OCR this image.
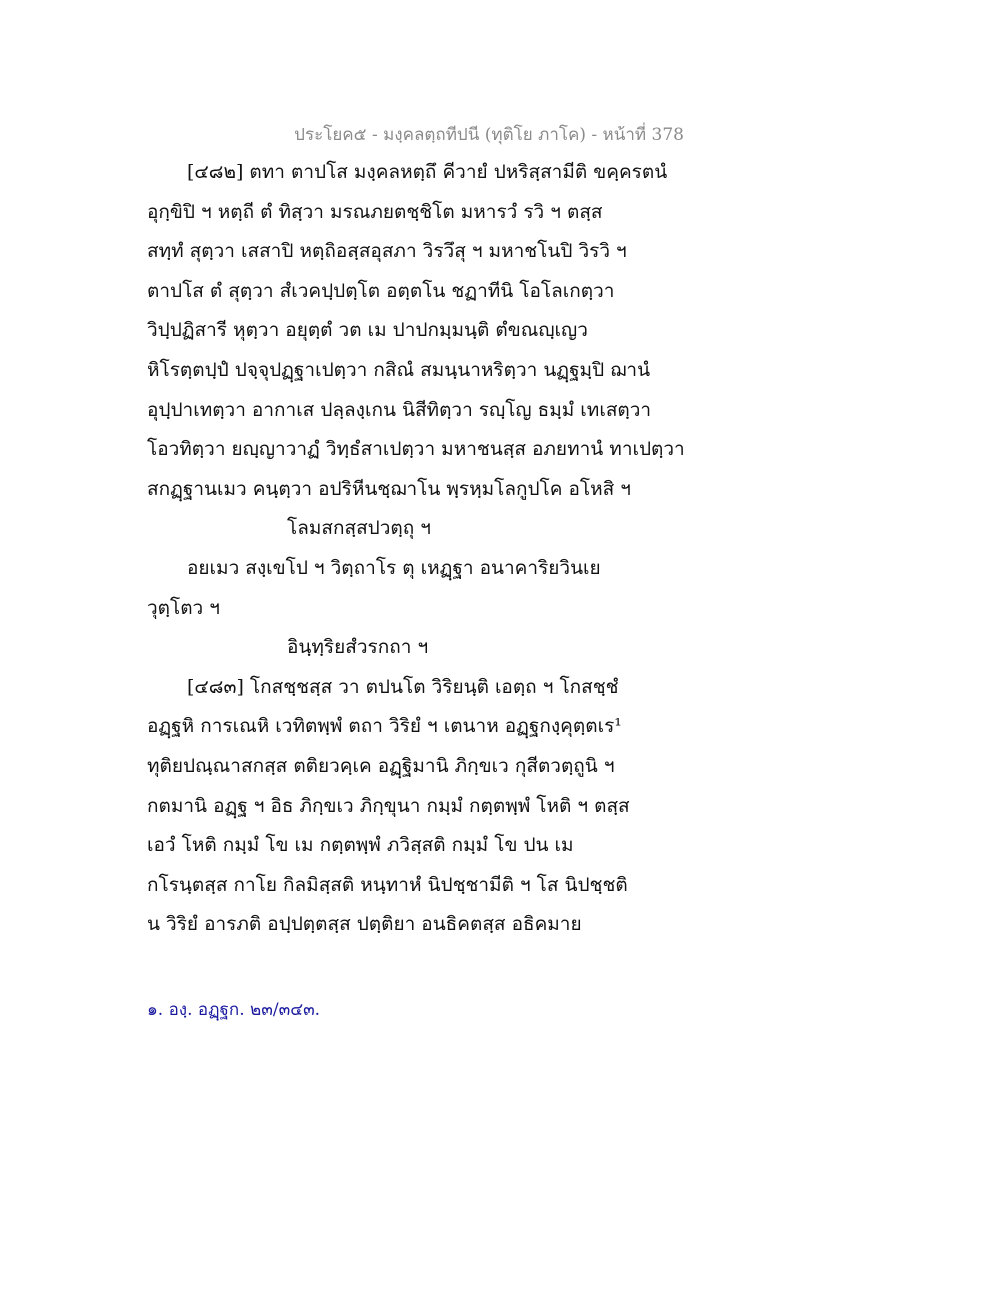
ประโยค๕ - มงฺคลตฺถทีปนี (ทุติโย ภาโค) - หน้าที่ 378
[๔๘๒] ตทา ตาปโส มงฺคลหตฺถึ คีวายํ ปหริสฺสามีติ ขคฺครตนํ
อุกฺขิปิ ฯ หตฺถี ตํ ทิสฺวา มรณภยตชฺชิโต มหารวํ รวิ ฯ ตสฺส
สทฺทํ สุตฺวา เสสาปิ หตฺถิอสฺสอุสภา วิรวึสุ ฯ มหาชโนปิ วิรวิ ฯ
ตาปโส ตํ สุตฺวา สํเวคปฺปตฺโต อตฺตโน ชฏาทีนิ โอโลเกตฺวา
วิปฺปฏิสารี หุตฺวา อยุตฺตํ วต เม ปาปกมฺมนฺติ ตํขณญฺเญว
หิโรตฺตปฺปํ ปจฺจุปฏฺฐาเปตฺวา กสิณํ สมนฺนาหริตฺวา นฏฺฐมฺปิ ฌานํ
อุปฺปาเทตฺวา อากาเส ปลฺลงฺเกน นิสีทิตฺวา รญฺโญ ธมฺมํ เทเสตฺวา
โอวทิตฺวา ยญฺญาวาฏํ วิทฺธํสาเปตฺวา มหาชนสฺส อภยทานํ ทาเปตฺวา
สกฏฺฐานเมว คนฺตฺวา อปริหีนชฺฌาโน พฺรหฺมโลกูปโค อโหสิ ฯ
โลมสกสฺสปวตฺถุ ฯ
อยเมว สงฺเขโป ฯ วิตฺถาโร ตุ เหฏฺฐา อนาคาริยวินเย
วุตฺโตว ฯ
อินฺทฺริยสํวรกถา ฯ
[๔๘๓] โกสชฺชสฺส วา ตปนโต วิริยนฺติ เอตฺถ ฯ โกสชฺชํ
อฏฺฐหิ การเณหิ เวทิตพฺพํ ตถา วิริยํ ฯ เตนาห อฏฺฐกงฺคุตฺตเร¹
ทุติยปณฺณาสกสฺส ตติยวคฺเค อฏฺฐิมานิ ภิกฺขเว กุสีตวตฺถูนิ ฯ
กตมานิ อฏฺฐ ฯ อิธ ภิกฺขเว ภิกฺขุนา กมฺมํ กตฺตพฺพํ โหติ ฯ ตสฺส
เอวํ โหติ กมฺมํ โข เม กตฺตพฺพํ ภวิสฺสติ กมฺมํ โข ปน เม
กโรนฺตสฺส กาโย กิลมิสฺสติ หนฺทาหํ นิปชฺชามีติ ฯ โส นิปชฺชติ
น วิริยํ อารภติ อปฺปตฺตสฺส ปตฺติยา อนธิคตสฺส อธิคมาย
๑. องฺ. อฏฺฐก. ๒๓/๓๔๓.
